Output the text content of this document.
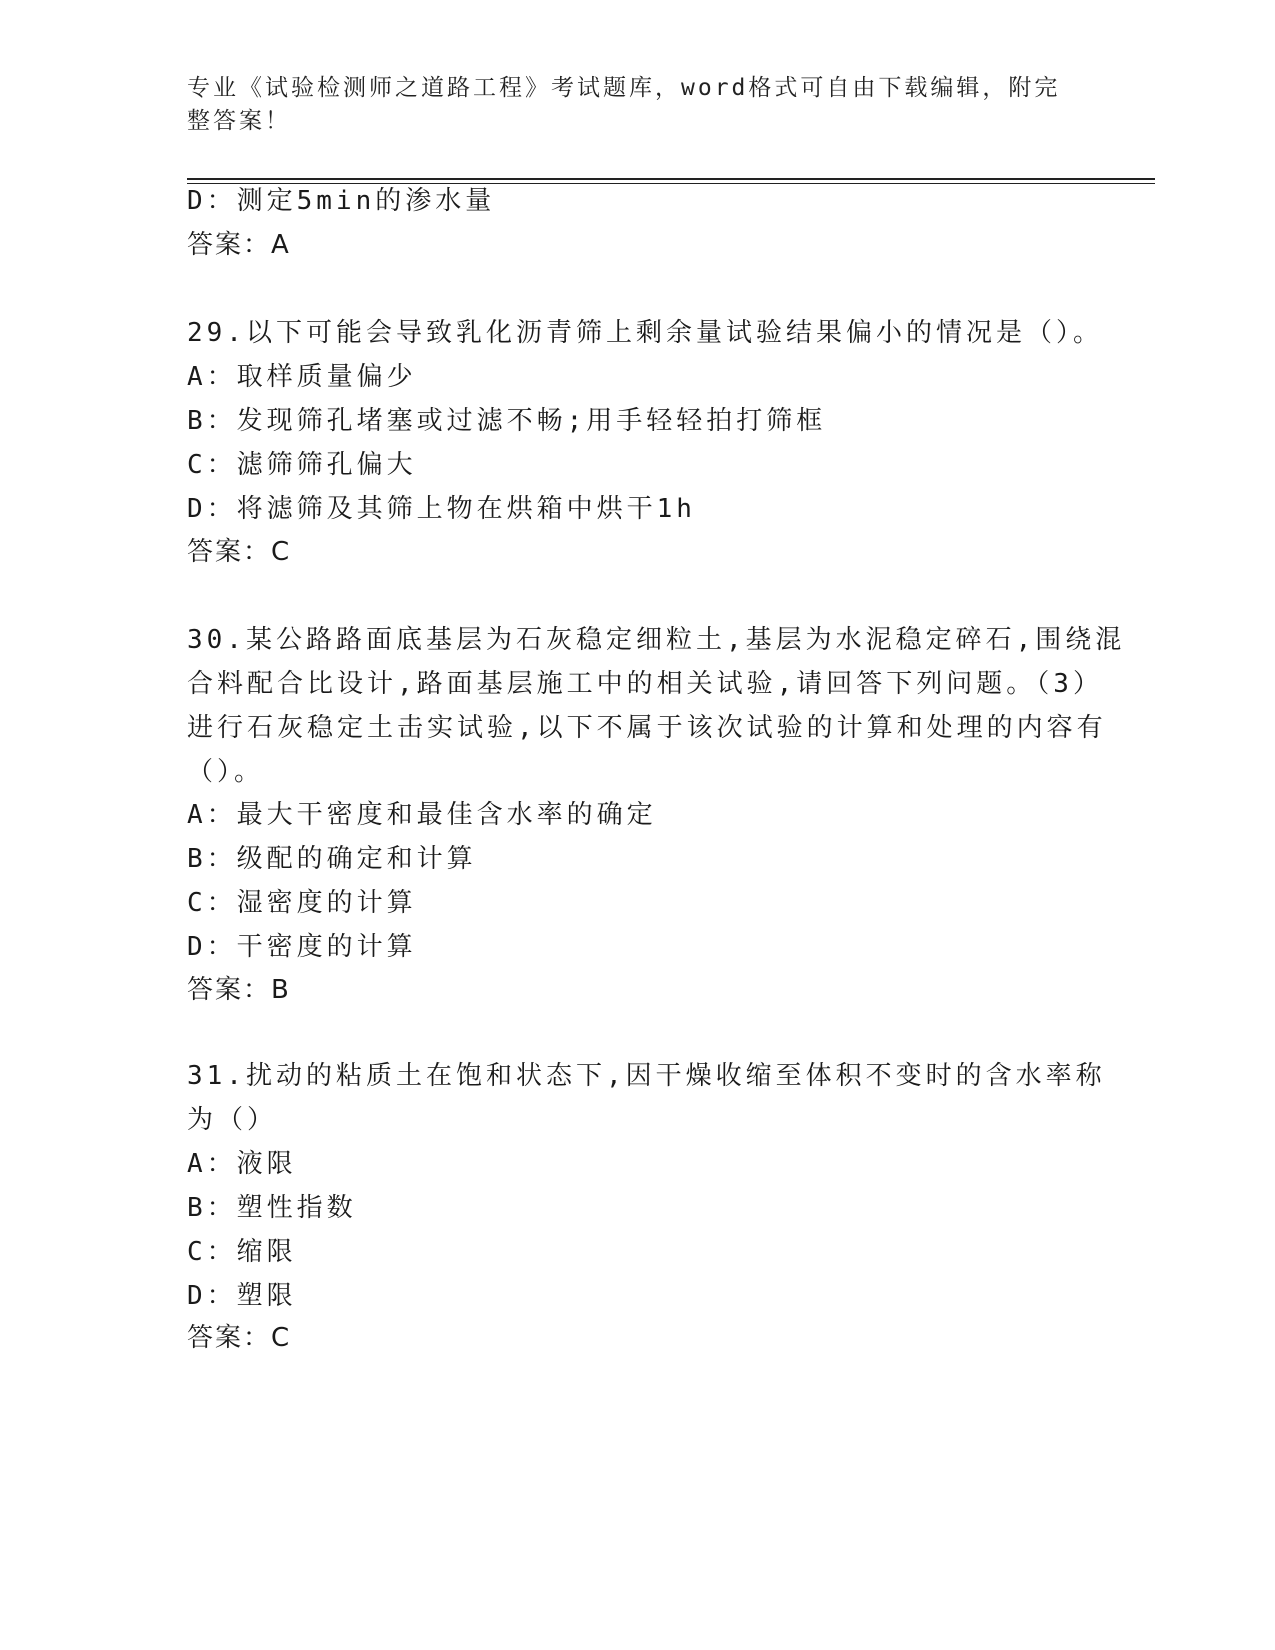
专业《试验检测师之道路工程》考试题库，word格式可自由下载编辑，附完整答案！
D：测定5min的渗水量
答案：A
29.以下可能会导致乳化沥青筛上剩余量试验结果偏小的情况是（）。
A：取样质量偏少
B：发现筛孔堵塞或过滤不畅;用手轻轻拍打筛框
C：滤筛筛孔偏大
D：将滤筛及其筛上物在烘箱中烘干1h
答案：C
30.某公路路面底基层为石灰稳定细粒土,基层为水泥稳定碎石,围绕混
合料配合比设计,路面基层施工中的相关试验,请回答下列问题。（3）
进行石灰稳定土击实试验,以下不属于该次试验的计算和处理的内容有
（）。
A：最大干密度和最佳含水率的确定
B：级配的确定和计算
C：湿密度的计算
D：干密度的计算
答案：B
31.扰动的粘质土在饱和状态下,因干燥收缩至体积不变时的含水率称
为（）
A：液限
B：塑性指数
C：缩限
D：塑限
答案：C
